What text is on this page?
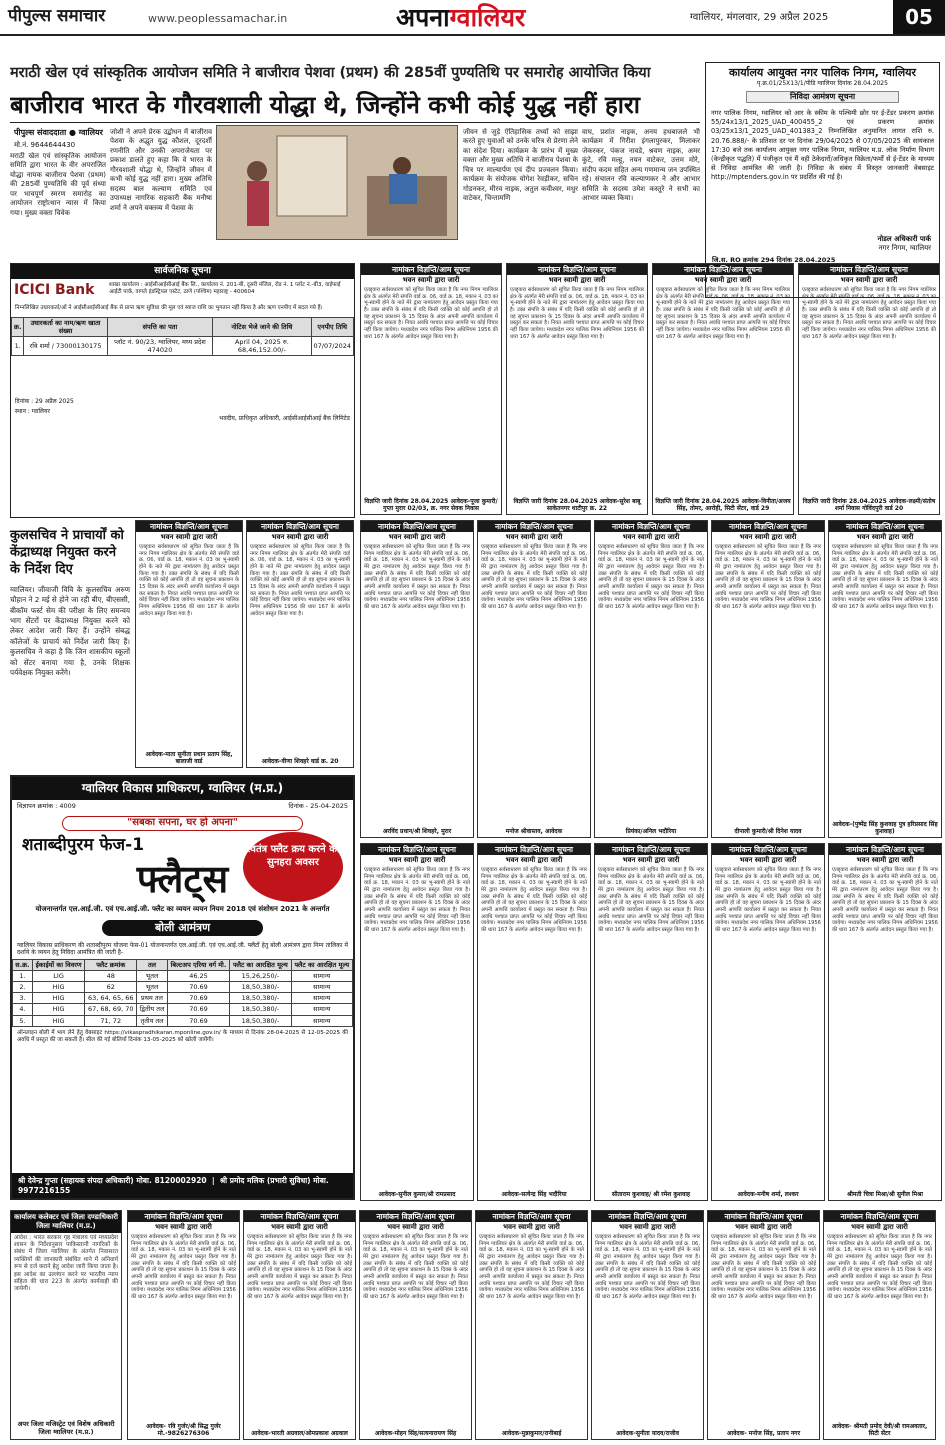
पीपुल्स समाचार	www.peoplessamachar.in	अपनाग्वालियर	ग्वालियर, मंगलवार, 29 अप्रैल 2025	05
मराठी खेल एवं सांस्कृतिक आयोजन समिति ने बाजीराव पेशवा (प्रथम) की 285वीं पुण्यतिथि पर समारोह आयोजित किया
बाजीराव भारत के गौरवशाली योद्धा थे, जिन्होंने कभी कोई युद्ध नहीं हारा
पीपुल्स संवाददाता ● ग्वालियर
मो.नं. 9644644430
मराठी खेल एवं सांस्कृतिक आयोजन समिति द्वारा भारत के वीर अपराजित योद्धा नायक बाजीराव पेशवा (प्रथम) की 285वीं पुण्यतिथि की पूर्व संध्या पर भावपूर्ण स्मरण समारोह का आयोजन राष्ट्रोत्थान न्यास में किया गया। मुख्य वक्ता विवेक
जोशी ने अपने प्रेरक उद्बोधन में बाजीराव पेशवा के अद्भुत युद्ध कौशल, दूरदर्शी रणनीति और उनकी अपराजेयता पर प्रकाश डालते हुए कहा कि वे भारत के गौरवशाली योद्धा थे, जिन्होंने जीवन में कभी कोई युद्ध नहीं हारा। मुख्य अतिथि सदस्य बाल कल्याण समिति एवं उपाध्यक्ष नागरिक सहकारी बैंक मनीषा शर्मा ने अपने वक्तव्य में पेशवा के
जीवन से जुड़े ऐतिहासिक तथ्यों को साझा करते हुए युवाओं को उनके चरित्र से प्रेरणा लेने का संदेश दिया। कार्यक्रम के प्रारंभ में मुख्य वक्ता और मुख्य अतिथि ने बाजीराव पेशवा के चित्र पर माल्यार्पण एवं दीप प्रज्वलन किया। कार्यक्रम के संयोजक योगेश रेवड़ीकर, सचिन गोडनकर, मीरव नाइक, अतुल कवीश्वर, मधुर वाटेकर, चिन्तामणि
वाघ, प्रशांत नाइक, अनय हथबाजले भी कार्यक्रम में गिरीश इंगलापुरकर, मिलाकर जेकरकर, पंकज नावडे, श्रवण नाइक, अमर कुंटे, रवि मल्हू, नयन वाटेकर, उत्तम मोरे, संदीप कदम सहित अन्य गणमान्य जन उपस्थित रहे। संचालन रवि कल्याणकर ने और आभार समिति के सदस्य उमेश कस्तूरे ने सभी का आभार व्यक्त किया।
कार्यालय आयुक्त नगर पालिक निगम, ग्वालियर
पृ.क्र.01/25X13/1/पीडि ग्वालियर दिनांक 28.04.2025
निविदा आमंत्रण सूचना
नगर पालिक निगम, ग्वालियर को आर के स्कीम के पश्चिमी छोर पर ई-टेंडर प्रकरण क्रमांक 55/24x13/1_2025_UAD_400455_2 एवं प्रकरण क्रमांक 03/25x13/1_2025_UAD_401383_2 निम्नलिखित अनुमानित लागत राशि रु. 20.76.888/- के प्रतिशत दर पर दिनांक 29/04/2025 से 07/05/2025 की सायंकाल 17:30 बजे तक कार्यालय आयुक्त नगर पालिक निगम, ग्वालियर म.प्र. लोक निर्माण विभाग (केन्द्रीकृत पद्धति) में पंजीकृत एवं मैं वही ठेकेदारों/अधिकृत विक्रेता/फर्मों से ई-टेंडर के माध्यम से निविदा आमंत्रित की जाती है। निविदा के संबंध में विस्तृत जानकारी वेबसाइट http://mptenders.gov.in पर प्रदर्शित की गई है।
नोडल अधिकारी पार्क
नगर निगम, ग्वालियर
जि.स. RO क्रमांक 294 दिनांक 28.04.2025
सार्वजनिक सूचना
ICICI Bank	शाखा कार्यालय : आईसीआईसीआई बैंक लि., कार्यालय नं. 201-बी, दूसरी मंजिल, रोड नं. 1 प्लॉट नं.-बी3, वाईफाई आईटी पार्क, वागले इंडस्ट्रियल एस्टेट, ठाणे (पश्चिम) महाराष्ट्र - 400604
निम्नलिखित उधारकर्ता/ओं ने आईसीआईसीआई बैंक से प्राप्त ऋण सुविधा की मूल एवं ब्याज राशि का भुगतान नहीं किया है और ऋण एनपीए में बदल गये हैं।
क्र.	उधारकर्ता का नाम/ऋण खाता संख्या	संपत्ति का पता	नोटिस भेजे जाने की तिथि	एनपीए तिथि
1.	रवि शर्मा / 73000130175	प्लॉट नं. 90/23, ग्वालियर, मध्य प्रदेश 474020	April 04, 2025 रु. 68,46,152.00/-	07/07/2024
दिनांक : 29 अप्रैल 2025
स्थान : ग्वालियर
भवदीय, प्राधिकृत अधिकारी, आईसीआईसीआई बैंक लिमिटेड
कुलसचिव ने प्राचार्यों को केंद्राध्यक्ष नियुक्त करने के निर्देश दिए
ग्वालियर। जीवाजी विवि के कुलसचिव अरुण चौहान ने 2 मई से होने जा रही बीए, बीएससी, बीकॉम फर्स्ट सेम की परीक्षा के लिए समन्वय भाग सेंटरों पर केंद्राध्यक्ष नियुक्त करने को लेकर आदेश जारी किए हैं। उन्होंने संबद्ध कॉलेजों के प्राचार्य को निर्देश जारी किए हैं। कुलसचिव ने कहा है कि जिन शासकीय स्कूलों को सेंटर बनाया गया है, उनके शिक्षक पर्यवेक्षक नियुक्त करेंगे।
ग्वालियर विकास प्राधिकरण, ग्वालियर (म.प्र.)
विज्ञापन क्रमांक : 4009	दिनांक - 25-04-2025
"सबका सपना, घर हो अपना"
शताब्दीपुरम फेज-1
फ्लैट्स
स्वतंत्र फ्लैट क्रय करने का सुनहरा अवसर
योजनान्तर्गत एल.आई.जी. एवं एच.आई.जी. फ्लैट का व्ययन व्ययन नियम 2018 एवं संशोधन 2021 के अन्तर्गत
बोली आमंत्रण
ग्वालियर विकास प्राधिकरण की शताब्दीपुरम योजना फेस-01 योजनान्तर्गत एल.आई.जी. एवं एच.आई.जी. फ्लैटों हेतु बोली आमंत्रण द्वारा निम्न तालिका में दर्शाये के व्ययन हेतु निविदा आमंत्रित की जाती है-
स.क्र.	ईकाईयों का विवरण	फ्लैट क्रमांक	तल	बिल्टअप एरिया वर्ग मी.	फ्लैट का आरक्षित मूल्य	फ्लैट का आरक्षित मूल्य
1.	LIG	48	भूतल	46.25	15,26,250/-	सामान्य
2.	HIG	62	भूतल	70.69	18,50,380/-	सामान्य
3.	HIG	63, 64, 65, 66	प्रथम तल	70.69	18,50,380/-	सामान्य
4.	HIG	67, 68, 69, 70	द्वितीय तल	70.69	18,50,380/-	सामान्य
5.	HIG	71, 72	तृतीय तल	70.69	18,50,380/-	सामान्य
ऑनलाइन बोली में भाग लेने हेतु वेबसाइट https://vikaspradhikaran.mponline.gov.in/ के माध्यम से दिनांक 28-04-2025 से 12-05-2025 की अवधि में प्रस्तुत की जा सकती है। सील की गई बोलियाँ दिनांक 13-05-2025 को खोली जायेंगी।
श्री देवेन्द्र गुप्ता (सहायक संपदा अधिकारी) मोबा. 8120002920  |  श्री प्रमोद मलिक (प्रभारी सुविधा) मोबा. 9977216155
कार्यालय कलेक्टर एवं जिला दण्डाधिकारी जिला ग्वालियर (म.प्र.)
आदेश : भारत सरकार गृह मंत्रालय एवं मध्यप्रदेश शासन के निर्देशानुसार पाकिस्तानी नागरिकों के संबंध में जिला ग्वालियर के अंतर्गत निवासरत व्यक्तियों की जानकारी संबंधित थाने में अनिवार्य रूप से दर्ज कराने हेतु आदेश जारी किया जाता है। इस आदेश का उल्लंघन करने पर भारतीय न्याय संहिता की धारा 223 के अंतर्गत कार्यवाही की जायेगी।
अपर जिला मजिस्ट्रेट एवं विशेष अधिकारी जिला ग्वालियर (म.प्र.)
नामांकन विज्ञप्ति/आम सूचना
भवन स्वामी द्वारा जारी
एतद्द्वारा सर्वसाधारण को सूचित किया जाता है कि नगर निगम ग्वालियर क्षेत्र के अंतर्गत मेरी संपत्ति वार्ड क्र. 06, वार्ड क्र. 18, मकान नं. 03 का भू-स्वामी होने के नाते मेरे द्वारा नामांतरण हेतु आवेदन प्रस्तुत किया गया है। उक्त संपत्ति के संबंध में यदि किसी व्यक्ति को कोई आपत्ति हो तो वह सूचना प्रकाशन के 15 दिवस के अंदर अपनी आपत्ति कार्यालय में प्रस्तुत कर सकता है। नियत अवधि पश्चात प्राप्त आपत्ति पर कोई विचार नहीं किया जायेगा। मध्यप्रदेश नगर पालिक निगम अधिनियम 1956 की धारा 167 के अंतर्गत आवेदन प्रस्तुत किया गया है।
विज्ञप्ति जारी दिनांक 28.04.2025 आवेदक-पूजा कुमारी/गुप्ता मुरार 02/03, क्र. नगर सेवक निवास
नामांकन विज्ञप्ति/आम सूचना
भवन स्वामी द्वारा जारी
एतद्द्वारा सर्वसाधारण को सूचित किया जाता है कि नगर निगम ग्वालियर क्षेत्र के अंतर्गत मेरी संपत्ति वार्ड क्र. 06, वार्ड क्र. 18, मकान नं. 03 का भू-स्वामी होने के नाते मेरे द्वारा नामांतरण हेतु आवेदन प्रस्तुत किया गया है। उक्त संपत्ति के संबंध में यदि किसी व्यक्ति को कोई आपत्ति हो तो वह सूचना प्रकाशन के 15 दिवस के अंदर अपनी आपत्ति कार्यालय में प्रस्तुत कर सकता है। नियत अवधि पश्चात प्राप्त आपत्ति पर कोई विचार नहीं किया जायेगा। मध्यप्रदेश नगर पालिक निगम अधिनियम 1956 की धारा 167 के अंतर्गत आवेदन प्रस्तुत किया गया है।
विज्ञप्ति जारी दिनांक 28.04.2025 आवेदक-सुरेश बाबू साकेतनगर थाटीपुर क्र. 22
नामांकन विज्ञप्ति/आम सूचना
भवन स्वामी द्वारा जारी
एतद्द्वारा सर्वसाधारण को सूचित किया जाता है कि नगर निगम ग्वालियर क्षेत्र के अंतर्गत मेरी संपत्ति वार्ड क्र. 06, वार्ड क्र. 18, मकान नं. 03 का भू-स्वामी होने के नाते मेरे द्वारा नामांतरण हेतु आवेदन प्रस्तुत किया गया है। उक्त संपत्ति के संबंध में यदि किसी व्यक्ति को कोई आपत्ति हो तो वह सूचना प्रकाशन के 15 दिवस के अंदर अपनी आपत्ति कार्यालय में प्रस्तुत कर सकता है। नियत अवधि पश्चात प्राप्त आपत्ति पर कोई विचार नहीं किया जायेगा। मध्यप्रदेश नगर पालिक निगम अधिनियम 1956 की धारा 167 के अंतर्गत आवेदन प्रस्तुत किया गया है।
विज्ञप्ति जारी दिनांक 28.04.2025 आवेदक-विनीता/अजय सिंह, तोमर, आरोही, सिटी सेंटर, वार्ड 29
नामांकन विज्ञप्ति/आम सूचना
भवन स्वामी द्वारा जारी
एतद्द्वारा सर्वसाधारण को सूचित किया जाता है कि नगर निगम ग्वालियर क्षेत्र के अंतर्गत मेरी संपत्ति वार्ड क्र. 06, वार्ड क्र. 18, मकान नं. 03 का भू-स्वामी होने के नाते मेरे द्वारा नामांतरण हेतु आवेदन प्रस्तुत किया गया है। उक्त संपत्ति के संबंध में यदि किसी व्यक्ति को कोई आपत्ति हो तो वह सूचना प्रकाशन के 15 दिवस के अंदर अपनी आपत्ति कार्यालय में प्रस्तुत कर सकता है। नियत अवधि पश्चात प्राप्त आपत्ति पर कोई विचार नहीं किया जायेगा। मध्यप्रदेश नगर पालिक निगम अधिनियम 1956 की धारा 167 के अंतर्गत आवेदन प्रस्तुत किया गया है।
विज्ञप्ति जारी दिनांक 28.04.2025 आवेदक-लक्ष्मी/संतोष शर्मा निवास गोविंदपुरी वार्ड 20
नामांकन विज्ञप्ति/आम सूचना
भवन स्वामी द्वारा जारी
एतद्द्वारा सर्वसाधारण को सूचित किया जाता है कि नगर निगम ग्वालियर क्षेत्र के अंतर्गत मेरी संपत्ति वार्ड क्र. 06, वार्ड क्र. 18, मकान नं. 03 का भू-स्वामी होने के नाते मेरे द्वारा नामांतरण हेतु आवेदन प्रस्तुत किया गया है। उक्त संपत्ति के संबंध में यदि किसी व्यक्ति को कोई आपत्ति हो तो वह सूचना प्रकाशन के 15 दिवस के अंदर अपनी आपत्ति कार्यालय में प्रस्तुत कर सकता है। नियत अवधि पश्चात प्राप्त आपत्ति पर कोई विचार नहीं किया जायेगा। मध्यप्रदेश नगर पालिक निगम अधिनियम 1956 की धारा 167 के अंतर्गत आवेदन प्रस्तुत किया गया है।
आवेदक-माता सुनीता प्रधान प्रताप सिंह, बालाजी वार्ड
नामांकन विज्ञप्ति/आम सूचना
भवन स्वामी द्वारा जारी
एतद्द्वारा सर्वसाधारण को सूचित किया जाता है कि नगर निगम ग्वालियर क्षेत्र के अंतर्गत मेरी संपत्ति वार्ड क्र. 06, वार्ड क्र. 18, मकान नं. 03 का भू-स्वामी होने के नाते मेरे द्वारा नामांतरण हेतु आवेदन प्रस्तुत किया गया है। उक्त संपत्ति के संबंध में यदि किसी व्यक्ति को कोई आपत्ति हो तो वह सूचना प्रकाशन के 15 दिवस के अंदर अपनी आपत्ति कार्यालय में प्रस्तुत कर सकता है। नियत अवधि पश्चात प्राप्त आपत्ति पर कोई विचार नहीं किया जायेगा। मध्यप्रदेश नगर पालिक निगम अधिनियम 1956 की धारा 167 के अंतर्गत आवेदन प्रस्तुत किया गया है।
आवेदक-वीणा शिवहरे वार्ड क्र. 20
नामांकन विज्ञप्ति/आम सूचना
भवन स्वामी द्वारा जारी
एतद्द्वारा सर्वसाधारण को सूचित किया जाता है कि नगर निगम ग्वालियर क्षेत्र के अंतर्गत मेरी संपत्ति वार्ड क्र. 06, वार्ड क्र. 18, मकान नं. 03 का भू-स्वामी होने के नाते मेरे द्वारा नामांतरण हेतु आवेदन प्रस्तुत किया गया है। उक्त संपत्ति के संबंध में यदि किसी व्यक्ति को कोई आपत्ति हो तो वह सूचना प्रकाशन के 15 दिवस के अंदर अपनी आपत्ति कार्यालय में प्रस्तुत कर सकता है। नियत अवधि पश्चात प्राप्त आपत्ति पर कोई विचार नहीं किया जायेगा। मध्यप्रदेश नगर पालिक निगम अधिनियम 1956 की धारा 167 के अंतर्गत आवेदन प्रस्तुत किया गया है।
अरविंद प्रधान/श्री शिवहरे, मुरार
नामांकन विज्ञप्ति/आम सूचना
भवन स्वामी द्वारा जारी
एतद्द्वारा सर्वसाधारण को सूचित किया जाता है कि नगर निगम ग्वालियर क्षेत्र के अंतर्गत मेरी संपत्ति वार्ड क्र. 06, वार्ड क्र. 18, मकान नं. 03 का भू-स्वामी होने के नाते मेरे द्वारा नामांतरण हेतु आवेदन प्रस्तुत किया गया है। उक्त संपत्ति के संबंध में यदि किसी व्यक्ति को कोई आपत्ति हो तो वह सूचना प्रकाशन के 15 दिवस के अंदर अपनी आपत्ति कार्यालय में प्रस्तुत कर सकता है। नियत अवधि पश्चात प्राप्त आपत्ति पर कोई विचार नहीं किया जायेगा। मध्यप्रदेश नगर पालिक निगम अधिनियम 1956 की धारा 167 के अंतर्गत आवेदन प्रस्तुत किया गया है।
मनोज श्रीवास्तव, आवेदक
नामांकन विज्ञप्ति/आम सूचना
भवन स्वामी द्वारा जारी
एतद्द्वारा सर्वसाधारण को सूचित किया जाता है कि नगर निगम ग्वालियर क्षेत्र के अंतर्गत मेरी संपत्ति वार्ड क्र. 06, वार्ड क्र. 18, मकान नं. 03 का भू-स्वामी होने के नाते मेरे द्वारा नामांतरण हेतु आवेदन प्रस्तुत किया गया है। उक्त संपत्ति के संबंध में यदि किसी व्यक्ति को कोई आपत्ति हो तो वह सूचना प्रकाशन के 15 दिवस के अंदर अपनी आपत्ति कार्यालय में प्रस्तुत कर सकता है। नियत अवधि पश्चात प्राप्त आपत्ति पर कोई विचार नहीं किया जायेगा। मध्यप्रदेश नगर पालिक निगम अधिनियम 1956 की धारा 167 के अंतर्गत आवेदन प्रस्तुत किया गया है।
प्रियंका/अनिल भदौरिया
नामांकन विज्ञप्ति/आम सूचना
भवन स्वामी द्वारा जारी
एतद्द्वारा सर्वसाधारण को सूचित किया जाता है कि नगर निगम ग्वालियर क्षेत्र के अंतर्गत मेरी संपत्ति वार्ड क्र. 06, वार्ड क्र. 18, मकान नं. 03 का भू-स्वामी होने के नाते मेरे द्वारा नामांतरण हेतु आवेदन प्रस्तुत किया गया है। उक्त संपत्ति के संबंध में यदि किसी व्यक्ति को कोई आपत्ति हो तो वह सूचना प्रकाशन के 15 दिवस के अंदर अपनी आपत्ति कार्यालय में प्रस्तुत कर सकता है। नियत अवधि पश्चात प्राप्त आपत्ति पर कोई विचार नहीं किया जायेगा। मध्यप्रदेश नगर पालिक निगम अधिनियम 1956 की धारा 167 के अंतर्गत आवेदन प्रस्तुत किया गया है।
दीपाली कुमारी/श्री दिनेश यादव
नामांकन विज्ञप्ति/आम सूचना
भवन स्वामी द्वारा जारी
एतद्द्वारा सर्वसाधारण को सूचित किया जाता है कि नगर निगम ग्वालियर क्षेत्र के अंतर्गत मेरी संपत्ति वार्ड क्र. 06, वार्ड क्र. 18, मकान नं. 03 का भू-स्वामी होने के नाते मेरे द्वारा नामांतरण हेतु आवेदन प्रस्तुत किया गया है। उक्त संपत्ति के संबंध में यदि किसी व्यक्ति को कोई आपत्ति हो तो वह सूचना प्रकाशन के 15 दिवस के अंदर अपनी आपत्ति कार्यालय में प्रस्तुत कर सकता है। नियत अवधि पश्चात प्राप्त आपत्ति पर कोई विचार नहीं किया जायेगा। मध्यप्रदेश नगर पालिक निगम अधिनियम 1956 की धारा 167 के अंतर्गत आवेदन प्रस्तुत किया गया है।
आवेदक-(पुष्पेंद्र सिंह कुशवाह पुत्र हरिप्रसाद सिंह कुशवाह)
नामांकन विज्ञप्ति/आम सूचना
भवन स्वामी द्वारा जारी
एतद्द्वारा सर्वसाधारण को सूचित किया जाता है कि नगर निगम ग्वालियर क्षेत्र के अंतर्गत मेरी संपत्ति वार्ड क्र. 06, वार्ड क्र. 18, मकान नं. 03 का भू-स्वामी होने के नाते मेरे द्वारा नामांतरण हेतु आवेदन प्रस्तुत किया गया है। उक्त संपत्ति के संबंध में यदि किसी व्यक्ति को कोई आपत्ति हो तो वह सूचना प्रकाशन के 15 दिवस के अंदर अपनी आपत्ति कार्यालय में प्रस्तुत कर सकता है। नियत अवधि पश्चात प्राप्त आपत्ति पर कोई विचार नहीं किया जायेगा। मध्यप्रदेश नगर पालिक निगम अधिनियम 1956 की धारा 167 के अंतर्गत आवेदन प्रस्तुत किया गया है।
आवेदक-सुनील कुमार/श्री रामप्रसाद
नामांकन विज्ञप्ति/आम सूचना
भवन स्वामी द्वारा जारी
एतद्द्वारा सर्वसाधारण को सूचित किया जाता है कि नगर निगम ग्वालियर क्षेत्र के अंतर्गत मेरी संपत्ति वार्ड क्र. 06, वार्ड क्र. 18, मकान नं. 03 का भू-स्वामी होने के नाते मेरे द्वारा नामांतरण हेतु आवेदन प्रस्तुत किया गया है। उक्त संपत्ति के संबंध में यदि किसी व्यक्ति को कोई आपत्ति हो तो वह सूचना प्रकाशन के 15 दिवस के अंदर अपनी आपत्ति कार्यालय में प्रस्तुत कर सकता है। नियत अवधि पश्चात प्राप्त आपत्ति पर कोई विचार नहीं किया जायेगा। मध्यप्रदेश नगर पालिक निगम अधिनियम 1956 की धारा 167 के अंतर्गत आवेदन प्रस्तुत किया गया है।
आवेदक-सत्येन्द्र सिंह भदौरिया
नामांकन विज्ञप्ति/आम सूचना
भवन स्वामी द्वारा जारी
एतद्द्वारा सर्वसाधारण को सूचित किया जाता है कि नगर निगम ग्वालियर क्षेत्र के अंतर्गत मेरी संपत्ति वार्ड क्र. 06, वार्ड क्र. 18, मकान नं. 03 का भू-स्वामी होने के नाते मेरे द्वारा नामांतरण हेतु आवेदन प्रस्तुत किया गया है। उक्त संपत्ति के संबंध में यदि किसी व्यक्ति को कोई आपत्ति हो तो वह सूचना प्रकाशन के 15 दिवस के अंदर अपनी आपत्ति कार्यालय में प्रस्तुत कर सकता है। नियत अवधि पश्चात प्राप्त आपत्ति पर कोई विचार नहीं किया जायेगा। मध्यप्रदेश नगर पालिक निगम अधिनियम 1956 की धारा 167 के अंतर्गत आवेदन प्रस्तुत किया गया है।
सीताराम कुशवाह/ श्री रमेश कुशवाह
नामांकन विज्ञप्ति/आम सूचना
भवन स्वामी द्वारा जारी
एतद्द्वारा सर्वसाधारण को सूचित किया जाता है कि नगर निगम ग्वालियर क्षेत्र के अंतर्गत मेरी संपत्ति वार्ड क्र. 06, वार्ड क्र. 18, मकान नं. 03 का भू-स्वामी होने के नाते मेरे द्वारा नामांतरण हेतु आवेदन प्रस्तुत किया गया है। उक्त संपत्ति के संबंध में यदि किसी व्यक्ति को कोई आपत्ति हो तो वह सूचना प्रकाशन के 15 दिवस के अंदर अपनी आपत्ति कार्यालय में प्रस्तुत कर सकता है। नियत अवधि पश्चात प्राप्त आपत्ति पर कोई विचार नहीं किया जायेगा। मध्यप्रदेश नगर पालिक निगम अधिनियम 1956 की धारा 167 के अंतर्गत आवेदन प्रस्तुत किया गया है।
आवेदक-मनीष शर्मा, लश्कर
नामांकन विज्ञप्ति/आम सूचना
भवन स्वामी द्वारा जारी
एतद्द्वारा सर्वसाधारण को सूचित किया जाता है कि नगर निगम ग्वालियर क्षेत्र के अंतर्गत मेरी संपत्ति वार्ड क्र. 06, वार्ड क्र. 18, मकान नं. 03 का भू-स्वामी होने के नाते मेरे द्वारा नामांतरण हेतु आवेदन प्रस्तुत किया गया है। उक्त संपत्ति के संबंध में यदि किसी व्यक्ति को कोई आपत्ति हो तो वह सूचना प्रकाशन के 15 दिवस के अंदर अपनी आपत्ति कार्यालय में प्रस्तुत कर सकता है। नियत अवधि पश्चात प्राप्त आपत्ति पर कोई विचार नहीं किया जायेगा। मध्यप्रदेश नगर पालिक निगम अधिनियम 1956 की धारा 167 के अंतर्गत आवेदन प्रस्तुत किया गया है।
श्रीमती चित्रा मिश्रा/श्री सुनील मिश्रा
नामांकन विज्ञप्ति/आम सूचना
भवन स्वामी द्वारा जारी
एतद्द्वारा सर्वसाधारण को सूचित किया जाता है कि नगर निगम ग्वालियर क्षेत्र के अंतर्गत मेरी संपत्ति वार्ड क्र. 06, वार्ड क्र. 18, मकान नं. 03 का भू-स्वामी होने के नाते मेरे द्वारा नामांतरण हेतु आवेदन प्रस्तुत किया गया है। उक्त संपत्ति के संबंध में यदि किसी व्यक्ति को कोई आपत्ति हो तो वह सूचना प्रकाशन के 15 दिवस के अंदर अपनी आपत्ति कार्यालय में प्रस्तुत कर सकता है। नियत अवधि पश्चात प्राप्त आपत्ति पर कोई विचार नहीं किया जायेगा। मध्यप्रदेश नगर पालिक निगम अधिनियम 1956 की धारा 167 के अंतर्गत आवेदन प्रस्तुत किया गया है।
आवेदक- रवि गुर्जर/श्री सिद्ध गुर्जर मो.-9826276306
नामांकन विज्ञप्ति/आम सूचना
भवन स्वामी द्वारा जारी
एतद्द्वारा सर्वसाधारण को सूचित किया जाता है कि नगर निगम ग्वालियर क्षेत्र के अंतर्गत मेरी संपत्ति वार्ड क्र. 06, वार्ड क्र. 18, मकान नं. 03 का भू-स्वामी होने के नाते मेरे द्वारा नामांतरण हेतु आवेदन प्रस्तुत किया गया है। उक्त संपत्ति के संबंध में यदि किसी व्यक्ति को कोई आपत्ति हो तो वह सूचना प्रकाशन के 15 दिवस के अंदर अपनी आपत्ति कार्यालय में प्रस्तुत कर सकता है। नियत अवधि पश्चात प्राप्त आपत्ति पर कोई विचार नहीं किया जायेगा। मध्यप्रदेश नगर पालिक निगम अधिनियम 1956 की धारा 167 के अंतर्गत आवेदन प्रस्तुत किया गया है।
आवेदक-भारती अग्रवाल/ओमप्रकाश अग्रवाल
नामांकन विज्ञप्ति/आम सूचना
भवन स्वामी द्वारा जारी
एतद्द्वारा सर्वसाधारण को सूचित किया जाता है कि नगर निगम ग्वालियर क्षेत्र के अंतर्गत मेरी संपत्ति वार्ड क्र. 06, वार्ड क्र. 18, मकान नं. 03 का भू-स्वामी होने के नाते मेरे द्वारा नामांतरण हेतु आवेदन प्रस्तुत किया गया है। उक्त संपत्ति के संबंध में यदि किसी व्यक्ति को कोई आपत्ति हो तो वह सूचना प्रकाशन के 15 दिवस के अंदर अपनी आपत्ति कार्यालय में प्रस्तुत कर सकता है। नियत अवधि पश्चात प्राप्त आपत्ति पर कोई विचार नहीं किया जायेगा। मध्यप्रदेश नगर पालिक निगम अधिनियम 1956 की धारा 167 के अंतर्गत आवेदन प्रस्तुत किया गया है।
आवेदक-मोहन सिंह/सत्यनारायण सिंह
नामांकन विज्ञप्ति/आम सूचना
भवन स्वामी द्वारा जारी
एतद्द्वारा सर्वसाधारण को सूचित किया जाता है कि नगर निगम ग्वालियर क्षेत्र के अंतर्गत मेरी संपत्ति वार्ड क्र. 06, वार्ड क्र. 18, मकान नं. 03 का भू-स्वामी होने के नाते मेरे द्वारा नामांतरण हेतु आवेदन प्रस्तुत किया गया है। उक्त संपत्ति के संबंध में यदि किसी व्यक्ति को कोई आपत्ति हो तो वह सूचना प्रकाशन के 15 दिवस के अंदर अपनी आपत्ति कार्यालय में प्रस्तुत कर सकता है। नियत अवधि पश्चात प्राप्त आपत्ति पर कोई विचार नहीं किया जायेगा। मध्यप्रदेश नगर पालिक निगम अधिनियम 1956 की धारा 167 के अंतर्गत आवेदन प्रस्तुत किया गया है।
आवेदक-मुन्नाकुमार/रानीबाई
नामांकन विज्ञप्ति/आम सूचना
भवन स्वामी द्वारा जारी
एतद्द्वारा सर्वसाधारण को सूचित किया जाता है कि नगर निगम ग्वालियर क्षेत्र के अंतर्गत मेरी संपत्ति वार्ड क्र. 06, वार्ड क्र. 18, मकान नं. 03 का भू-स्वामी होने के नाते मेरे द्वारा नामांतरण हेतु आवेदन प्रस्तुत किया गया है। उक्त संपत्ति के संबंध में यदि किसी व्यक्ति को कोई आपत्ति हो तो वह सूचना प्रकाशन के 15 दिवस के अंदर अपनी आपत्ति कार्यालय में प्रस्तुत कर सकता है। नियत अवधि पश्चात प्राप्त आपत्ति पर कोई विचार नहीं किया जायेगा। मध्यप्रदेश नगर पालिक निगम अधिनियम 1956 की धारा 167 के अंतर्गत आवेदन प्रस्तुत किया गया है।
आवेदक-सुनीता यादव/राजीव
नामांकन विज्ञप्ति/आम सूचना
भवन स्वामी द्वारा जारी
एतद्द्वारा सर्वसाधारण को सूचित किया जाता है कि नगर निगम ग्वालियर क्षेत्र के अंतर्गत मेरी संपत्ति वार्ड क्र. 06, वार्ड क्र. 18, मकान नं. 03 का भू-स्वामी होने के नाते मेरे द्वारा नामांतरण हेतु आवेदन प्रस्तुत किया गया है। उक्त संपत्ति के संबंध में यदि किसी व्यक्ति को कोई आपत्ति हो तो वह सूचना प्रकाशन के 15 दिवस के अंदर अपनी आपत्ति कार्यालय में प्रस्तुत कर सकता है। नियत अवधि पश्चात प्राप्त आपत्ति पर कोई विचार नहीं किया जायेगा। मध्यप्रदेश नगर पालिक निगम अधिनियम 1956 की धारा 167 के अंतर्गत आवेदन प्रस्तुत किया गया है।
आवेदक- मनोज सिंह, प्रताप नगर
नामांकन विज्ञप्ति/आम सूचना
भवन स्वामी द्वारा जारी
एतद्द्वारा सर्वसाधारण को सूचित किया जाता है कि नगर निगम ग्वालियर क्षेत्र के अंतर्गत मेरी संपत्ति वार्ड क्र. 06, वार्ड क्र. 18, मकान नं. 03 का भू-स्वामी होने के नाते मेरे द्वारा नामांतरण हेतु आवेदन प्रस्तुत किया गया है। उक्त संपत्ति के संबंध में यदि किसी व्यक्ति को कोई आपत्ति हो तो वह सूचना प्रकाशन के 15 दिवस के अंदर अपनी आपत्ति कार्यालय में प्रस्तुत कर सकता है। नियत अवधि पश्चात प्राप्त आपत्ति पर कोई विचार नहीं किया जायेगा। मध्यप्रदेश नगर पालिक निगम अधिनियम 1956 की धारा 167 के अंतर्गत आवेदन प्रस्तुत किया गया है।
आवेदक- श्रीमती प्रमोद देवी/श्री रामअवतार, सिटी सेंटर
